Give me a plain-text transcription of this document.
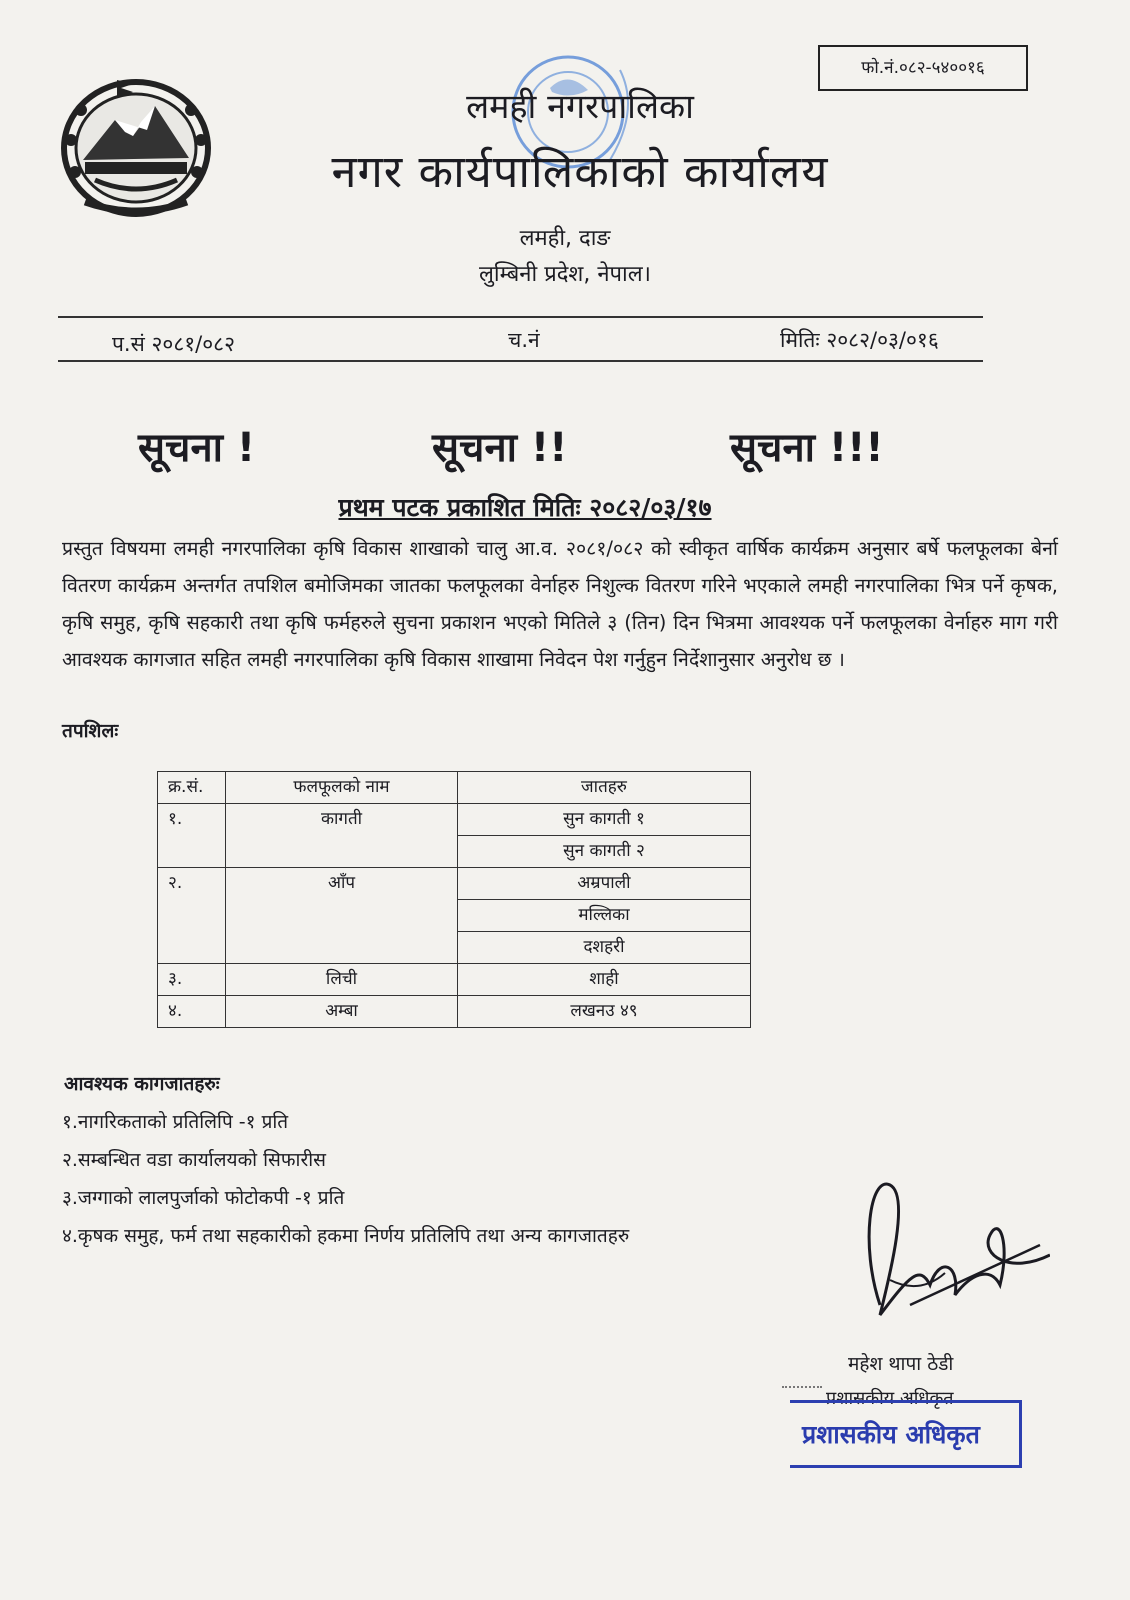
फो.नं.०८२-५४००१६
लमही नगरपालिका
नगर कार्यपालिकाको कार्यालय
लमही, दाङ
लुम्बिनी प्रदेश, नेपाल।
प.सं २०८१/०८२	च.नं	मितिः २०८२/०३/०१६
सूचना !	सूचना !!	सूचना !!!
प्रथम पटक प्रकाशित मितिः २०८२/०३/१७
प्रस्तुत विषयमा लमही नगरपालिका कृषि विकास शाखाको चालु आ.व. २०८१/०८२ को स्वीकृत वार्षिक कार्यक्रम अनुसार बर्षे फलफूलका बेर्ना वितरण कार्यक्रम अन्तर्गत तपशिल बमोजिमका जातका फलफूलका वेर्नाहरु निशुल्क वितरण गरिने भएकाले लमही नगरपालिका भित्र पर्ने कृषक, कृषि समुह, कृषि सहकारी तथा कृषि फर्महरुले सुचना प्रकाशन भएको मितिले ३ (तिन) दिन भित्रमा आवश्यक पर्ने फलफूलका वेर्नाहरु माग गरी आवश्यक कागजात सहित लमही नगरपालिका कृषि विकास शाखामा निवेदन पेश गर्नुहुन निर्देशानुसार अनुरोध छ ।
तपशिलः
क्र.सं.	फलफूलको नाम	जातहरु
१.	कागती	सुन कागती १
		सुन कागती २
२.	आँप	अम्रपाली
		मल्लिका
		दशहरी
३.	लिची	शाही
४.	अम्बा	लखनउ ४९
आवश्यक कागजातहरुः
१.नागरिकताको प्रतिलिपि -१ प्रति
२.सम्बन्धित वडा कार्यालयको सिफारीस
३.जग्गाको लालपुर्जाको फोटोकपी -१ प्रति
४.कृषक समुह, फर्म तथा सहकारीको हकमा निर्णय प्रतिलिपि तथा अन्य कागजातहरु
महेश थापा ठेडी
प्रशासकीय अधिकृत
प्रशासकीय अधिकृत
